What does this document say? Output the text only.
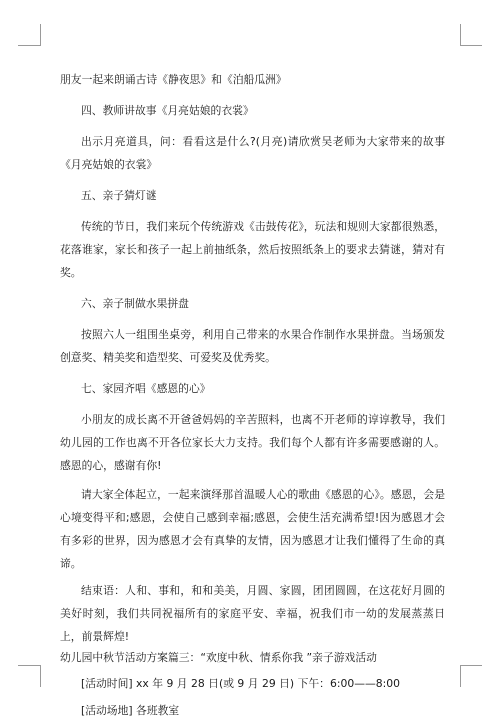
朋友一起来朗诵古诗《静夜思》和《泊船瓜洲》

四、教师讲故事《月亮姑娘的衣裳》

出示月亮道具，问：看看这是什么?(月亮)请欣赏吴老师为大家带来的故事《月亮姑娘的衣裳》

五、亲子猜灯谜

传统的节日，我们来玩个传统游戏《击鼓传花》，玩法和规则大家都很熟悉，花落谁家，家长和孩子一起上前抽纸条，然后按照纸条上的要求去猜谜，猜对有奖。

六、亲子制做水果拼盘

按照六人一组围坐桌旁，利用自己带来的水果合作制作水果拼盘。当场颁发创意奖、精美奖和造型奖、可爱奖及优秀奖。

七、家园齐唱《感恩的心》

小朋友的成长离不开爸爸妈妈的辛苦照料，也离不开老师的谆谆教导，我们幼儿园的工作也离不开各位家长大力支持。我们每个人都有许多需要感谢的人。感恩的心，感谢有你!

请大家全体起立，一起来演绎那首温暖人心的歌曲《感恩的心》。感恩，会是心境变得平和;感恩，会使自己感到幸福;感恩，会使生活充满希望!因为感恩才会有多彩的世界，因为感恩才会有真挚的友情，因为感恩才让我们懂得了生命的真谛。

结束语：人和、事和，和和美美，月圆、家圆，团团圆圆，在这花好月圆的美好时刻，我们共同祝福所有的家庭平安、幸福，祝我们市一幼的发展蒸蒸日上，前景辉煌!

幼儿园中秋节活动方案篇三：“欢度中秋、情系你我 ”亲子游戏活动

[活动时间] xx 年 9 月 28 日(或 9 月 29 日) 下午：6:00——8:00

[活动场地] 各班教室
